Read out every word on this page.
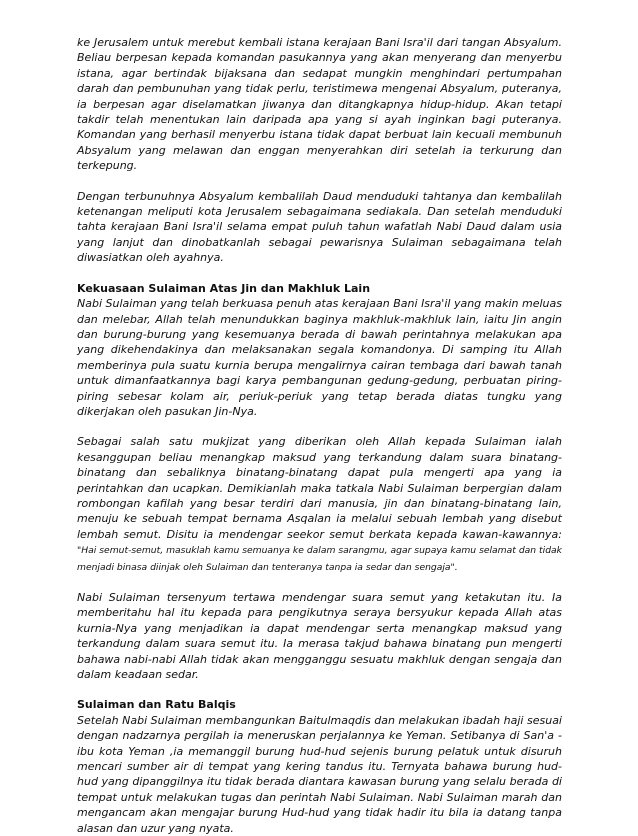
ke Jerusalem untuk merebut kembali istana kerajaan Bani Isra'il dari tangan Absyalum. Beliau berpesan kepada komandan pasukannya yang akan menyerang dan menyerbu istana, agar bertindak bijaksana dan sedapat mungkin menghindari pertumpahan darah dan pembunuhan yang tidak perlu, teristimewa mengenai Absyalum, puteranya, ia berpesan agar diselamatkan jiwanya dan ditangkapnya hidup-hidup. Akan tetapi takdir telah menentukan lain daripada apa yang si ayah inginkan bagi puteranya. Komandan yang berhasil menyerbu istana tidak dapat berbuat lain kecuali membunuh Absyalum yang melawan dan enggan menyerahkan diri setelah ia terkurung dan terkepung.

Dengan terbunuhnya Absyalum kembalilah Daud menduduki tahtanya dan kembalilah ketenangan meliputi kota Jerusalem sebagaimana sediakala. Dan setelah menduduki tahta kerajaan Bani Isra'il selama empat puluh tahun wafatlah Nabi Daud dalam usia yang lanjut dan dinobatkanlah sebagai pewarisnya Sulaiman sebagaimana telah diwasiatkan oleh ayahnya.

Kekuasaan Sulaiman Atas Jin dan Makhluk Lain

Nabi Sulaiman yang telah berkuasa penuh atas kerajaan Bani Isra'il yang makin meluas dan melebar, Allah telah menundukkan baginya makhluk-makhluk lain, iaitu Jin angin dan burung-burung yang kesemuanya berada di bawah perintahnya melakukan apa yang dikehendakinya dan melaksanakan segala komandonya. Di samping itu Allah memberinya pula suatu kurnia berupa mengalirnya cairan tembaga dari bawah tanah untuk dimanfaatkannya bagi karya pembangunan gedung-gedung, perbuatan piring-piring sebesar kolam air, periuk-periuk yang tetap berada diatas tungku yang dikerjakan oleh pasukan Jin-Nya.

Sebagai salah satu mukjizat yang diberikan oleh Allah kepada Sulaiman ialah kesanggupan beliau menangkap maksud yang terkandung dalam suara binatang-binatang dan sebaliknya binatang-binatang dapat pula mengerti apa yang ia perintahkan dan ucapkan. Demikianlah maka tatkala Nabi Sulaiman berpergian dalam rombongan kafilah yang besar terdiri dari manusia, jin dan binatang-binatang lain, menuju ke sebuah tempat bernama Asqalan ia melalui sebuah lembah yang disebut lembah semut. Disitu ia mendengar seekor semut berkata kepada kawan-kawannya: "Hai semut-semut, masuklah kamu semuanya ke dalam sarangmu, agar supaya kamu selamat dan tidak menjadi binasa diinjak oleh Sulaiman dan tenteranya tanpa ia sedar dan sengaja".

Nabi Sulaiman tersenyum tertawa mendengar suara semut yang ketakutan itu. Ia memberitahu hal itu kepada para pengikutnya seraya bersyukur kepada Allah atas kurnia-Nya yang menjadikan ia dapat mendengar serta menangkap maksud yang terkandung dalam suara semut itu. Ia merasa takjud bahawa binatang pun mengerti bahawa nabi-nabi Allah tidak akan mengganggu sesuatu makhluk dengan sengaja dan dalam keadaan sedar.

Sulaiman dan Ratu Balqis

Setelah Nabi Sulaiman membangunkan Baitulmaqdis dan melakukan ibadah haji sesuai dengan nadzarnya pergilah ia meneruskan perjalannya ke Yeman. Setibanya di San'a - ibu kota Yeman ,ia memanggil burung hud-hud sejenis burung pelatuk untuk disuruh mencari sumber air di tempat yang kering tandus itu. Ternyata bahawa burung hud-hud yang dipanggilnya itu tidak berada diantara kawasan burung yang selalu berada di tempat untuk melakukan tugas dan perintah Nabi Sulaiman. Nabi Sulaiman marah dan mengancam akan mengajar burung Hud-hud yang tidak hadir itu bila ia datang tanpa alasan dan uzur yang nyata.
